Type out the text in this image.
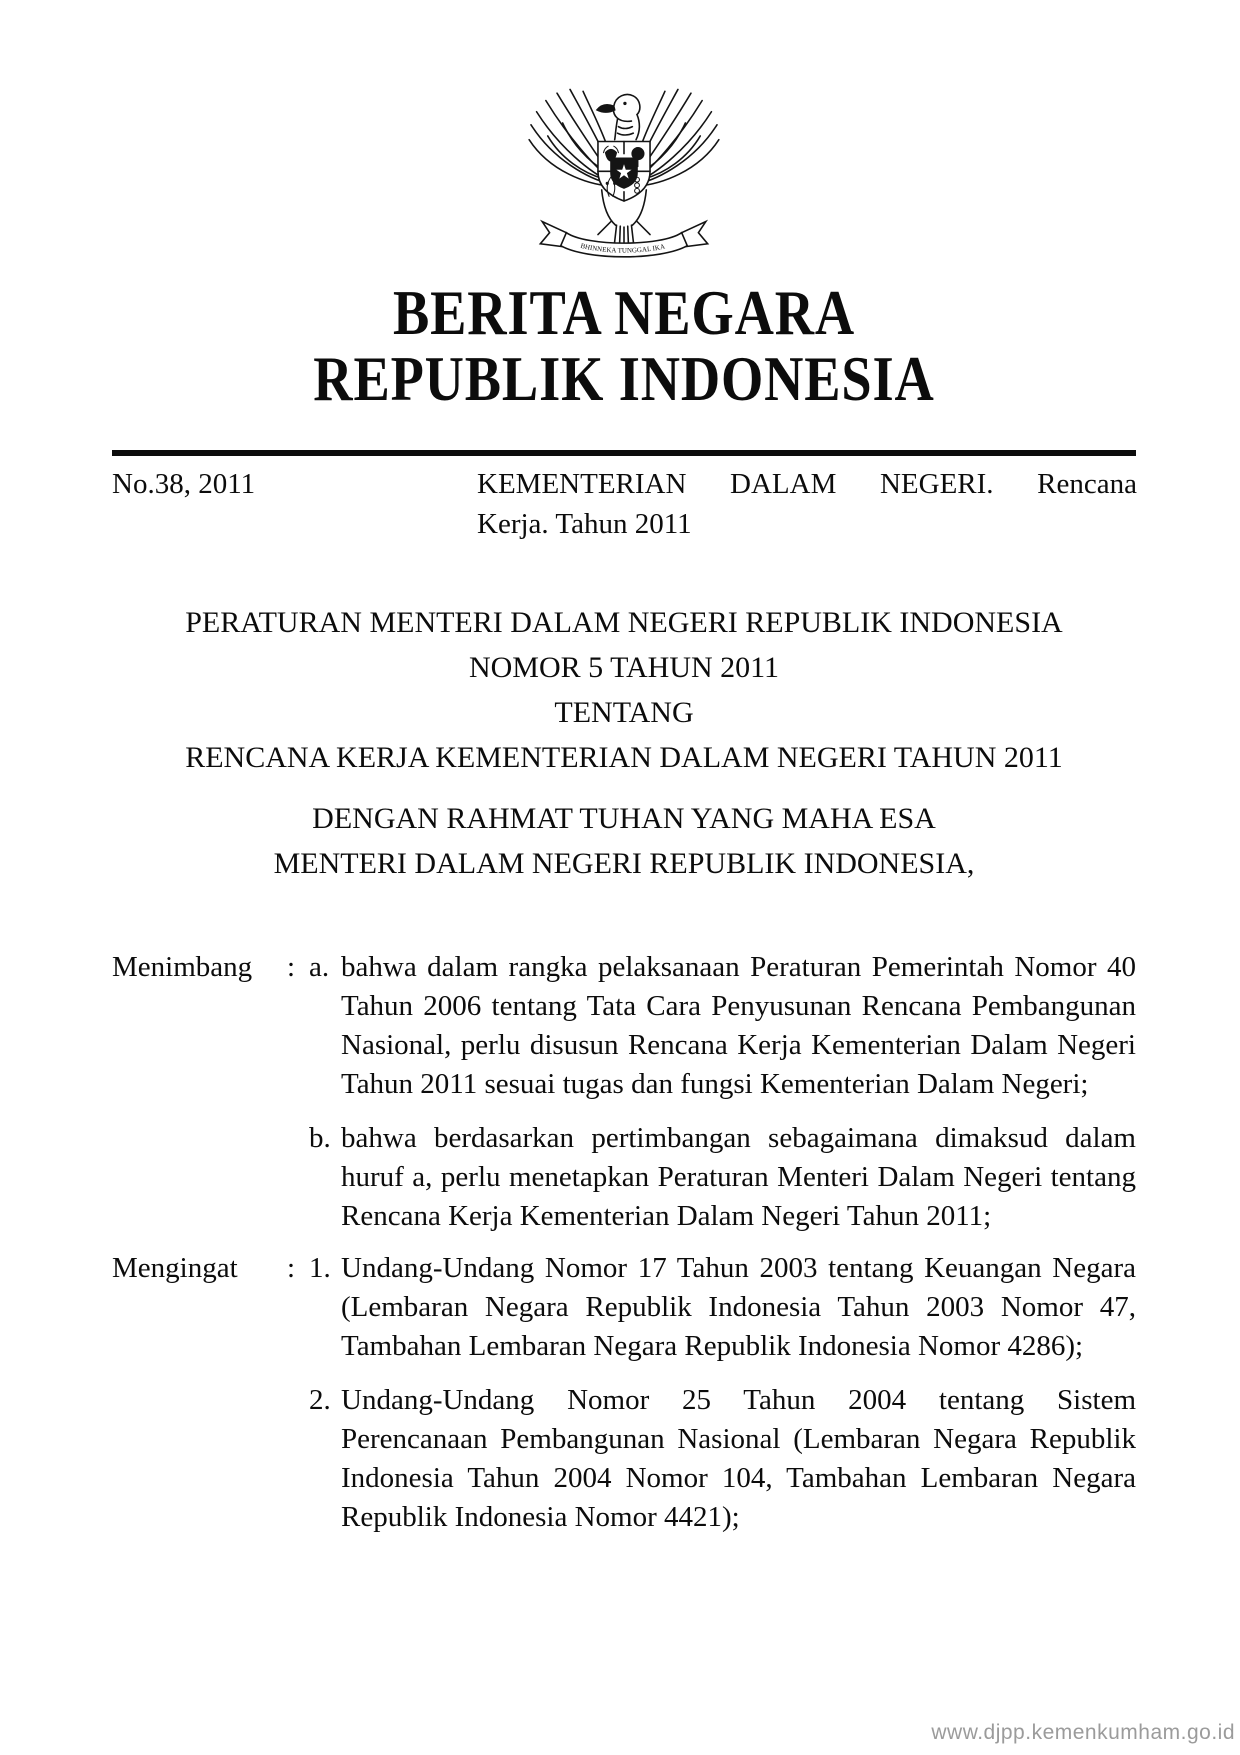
BHINNEKA TUNGGAL IKA
BERITA NEGARA
REPUBLIK INDONESIA
No.38, 2011	KEMENTERIAN DALAM NEGERI. Rencana
Kerja. Tahun 2011
PERATURAN MENTERI DALAM NEGERI REPUBLIK INDONESIA
NOMOR 5 TAHUN 2011
TENTANG
RENCANA KERJA KEMENTERIAN DALAM NEGERI TAHUN 2011
DENGAN RAHMAT TUHAN YANG MAHA ESA
MENTERI DALAM NEGERI REPUBLIK INDONESIA,
Menimbang	: a. bahwa dalam rangka pelaksanaan Peraturan Pemerintah Nomor 40 Tahun 2006 tentang Tata Cara Penyusunan Rencana Pembangunan Nasional, perlu disusun Rencana Kerja Kementerian Dalam Negeri Tahun 2011 sesuai tugas dan fungsi Kementerian Dalam Negeri;
b. bahwa berdasarkan pertimbangan sebagaimana dimaksud dalam huruf a, perlu menetapkan Peraturan Menteri Dalam Negeri tentang Rencana Kerja Kementerian Dalam Negeri Tahun 2011;
Mengingat	: 1. Undang-Undang Nomor 17 Tahun 2003 tentang Keuangan Negara (Lembaran Negara Republik Indonesia Tahun 2003 Nomor 47, Tambahan Lembaran Negara Republik Indonesia Nomor 4286);
2. Undang-Undang Nomor 25 Tahun 2004 tentang Sistem Perencanaan Pembangunan Nasional (Lembaran Negara Republik Indonesia Tahun 2004 Nomor 104, Tambahan Lembaran Negara Republik Indonesia Nomor 4421);
www.djpp.kemenkumham.go.id
